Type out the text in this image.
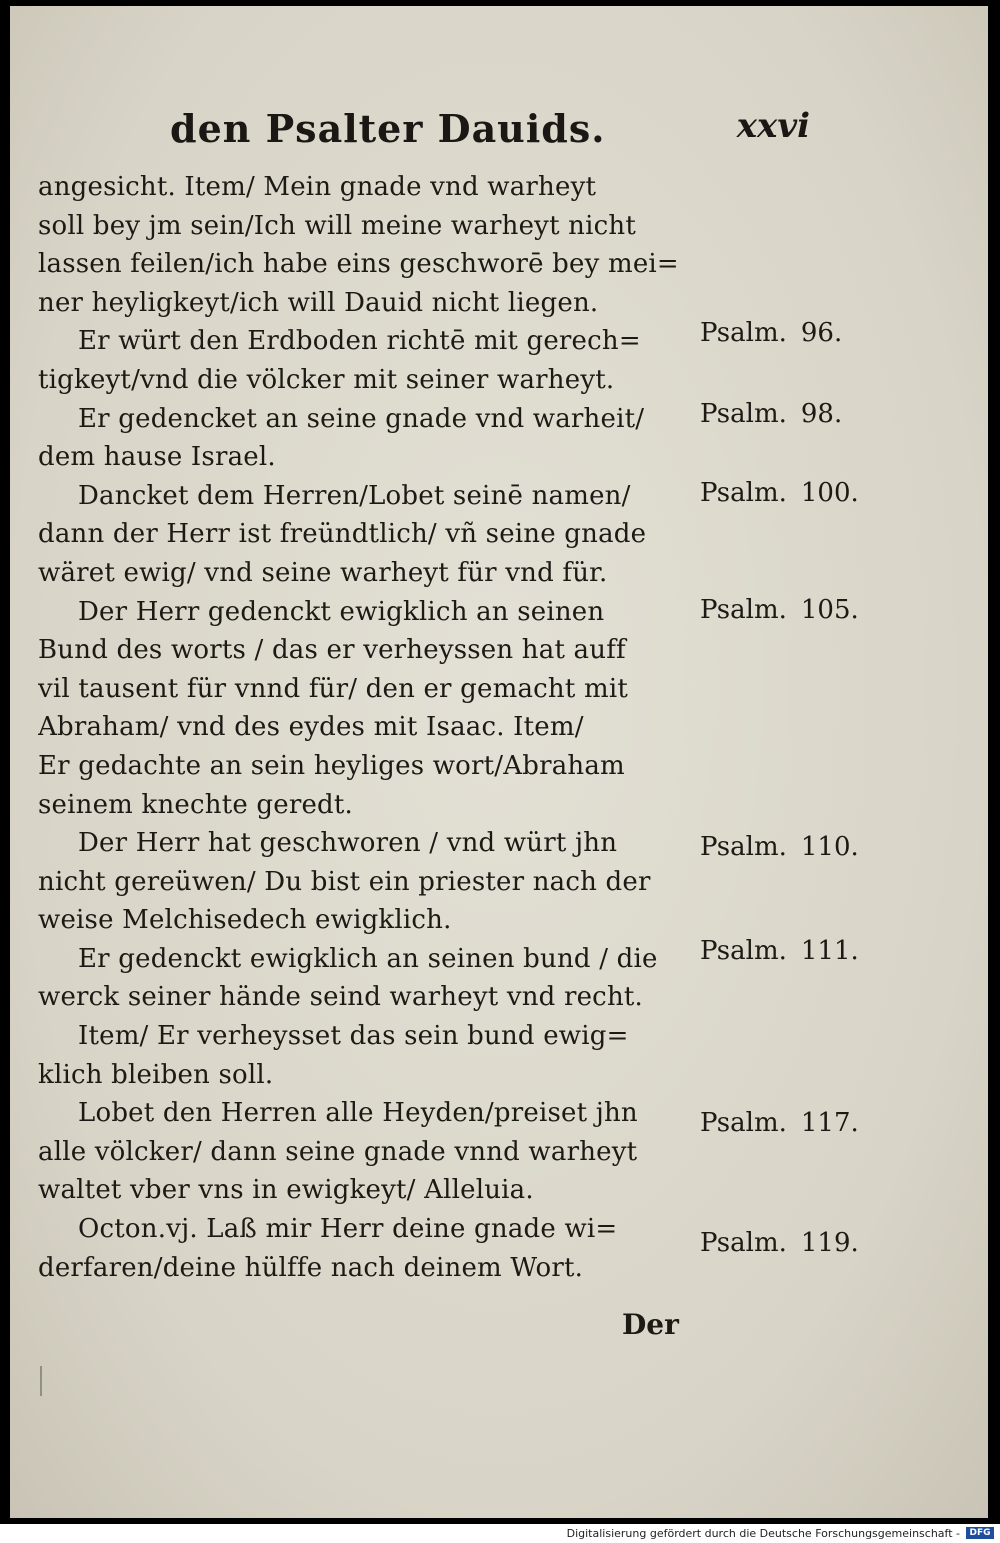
den Psalter Dauids.	xxvi
angesicht. Item/ Mein gnade vnd warheyt
soll bey jm sein/Ich will meine warheyt nicht
lassen feilen/ich habe eins geschworē bey mei=
ner heyligkeyt/ich will Dauid nicht liegen.
Er würt den Erdboden richtē mit gerech=
tigkeyt/vnd die völcker mit seiner warheyt.
Er gedencket an seine gnade vnd warheit/
dem hause Israel.
Dancket dem Herren/Lobet seinē namen/
dann der Herr ist freündtlich/ vñ seine gnade
wäret ewig/ vnd seine warheyt für vnd für.
Der Herr gedenckt ewigklich an seinen
Bund des worts / das er verheyssen hat auff
vil tausent für vnnd für/ den er gemacht mit
Abraham/ vnd des eydes mit Isaac. Item/
Er gedachte an sein heyliges wort/Abraham
seinem knechte geredt.
Der Herr hat geschworen / vnd würt jhn
nicht gereüwen/ Du bist ein priester nach der
weise Melchisedech ewigklich.
Er gedenckt ewigklich an seinen bund / die
werck seiner hände seind warheyt vnd recht.
Item/ Er verheysset das sein bund ewig=
klich bleiben soll.
Lobet den Herren alle Heyden/preiset jhn
alle völcker/ dann seine gnade vnnd warheyt
waltet vber vns in ewigkeyt/ Alleluia.
Octon.vj. Laß mir Herr deine gnade wi=
derfaren/deine hülffe nach deinem Wort.
Psalm. 96.
Psalm. 98.
Psalm. 100.
Psalm. 105.
Psalm. 110.
Psalm. 111.
Psalm. 117.
Psalm. 119.
Der
Digitalisierung gefördert durch die Deutsche Forschungsgemeinschaft -	DFG
